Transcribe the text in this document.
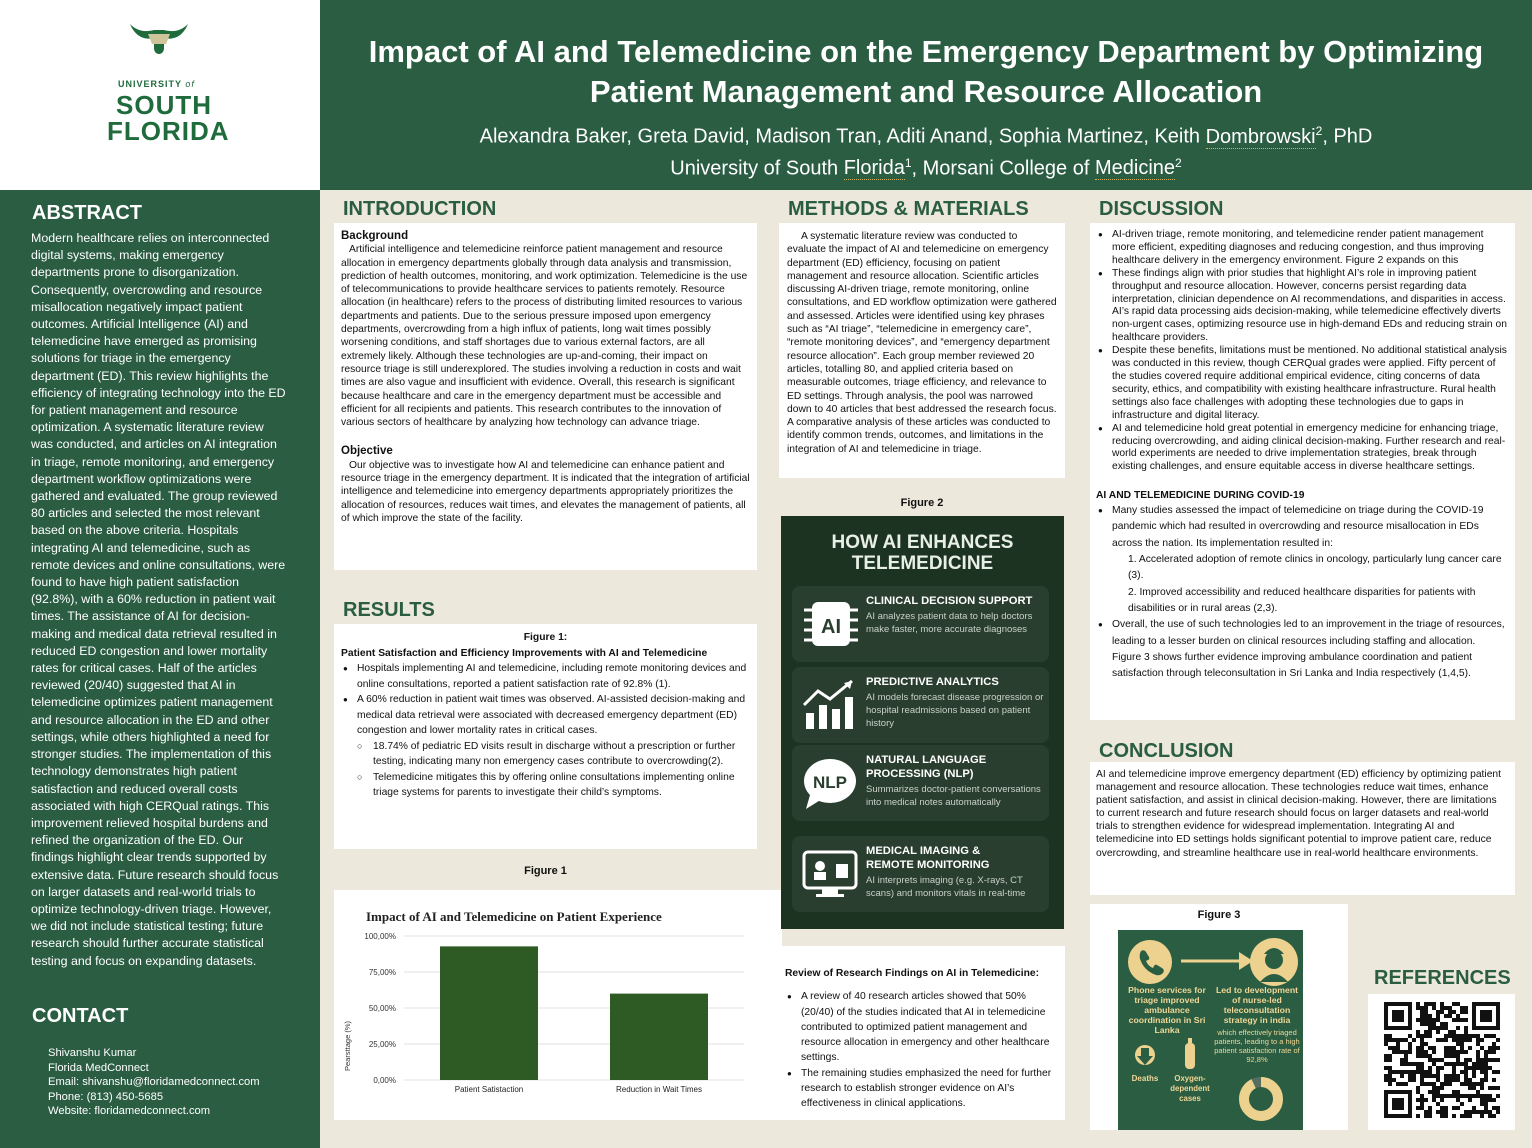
UNIVERSITY of
SOUTH
FLORIDA
Impact of AI and Telemedicine on the Emergency Department by Optimizing Patient Management and Resource Allocation
Alexandra Baker, Greta David, Madison Tran, Aditi Anand, Sophia Martinez, Keith Dombrowski$^2$, PhD
University of South Florida$^1$, Morsani College of Medicine$^2$
ABSTRACT
Modern healthcare relies on interconnected digital systems, making emergency departments prone to disorganization. Consequently, overcrowding and resource misallocation negatively impact patient outcomes. Artificial Intelligence (AI) and telemedicine have emerged as promising solutions for triage in the emergency department (ED). This review highlights the efficiency of integrating technology into the ED for patient management and resource optimization. A systematic literature review was conducted, and articles on AI integration in triage, remote monitoring, and emergency department workflow optimizations were gathered and evaluated. The group reviewed 80 articles and selected the most relevant based on the above criteria. Hospitals integrating AI and telemedicine, such as remote devices and online consultations, were found to have high patient satisfaction (92.8%), with a 60% reduction in patient wait times. The assistance of AI for decision-making and medical data retrieval resulted in reduced ED congestion and lower mortality rates for critical cases. Half of the articles reviewed (20/40) suggested that AI in telemedicine optimizes patient management and resource allocation in the ED and other settings, while others highlighted a need for stronger studies. The implementation of this technology demonstrates high patient satisfaction and reduced overall costs associated with high CERQual ratings. This improvement relieved hospital burdens and refined the organization of the ED. Our findings highlight clear trends supported by extensive data. Future research should focus on larger datasets and real-world trials to optimize technology-driven triage. However, we did not include statistical testing; future research should further accurate statistical testing and focus on expanding datasets.
CONTACT
Shivanshu Kumar
Florida MedConnect
Email: shivanshu@floridamedconnect.com
Phone: (813) 450-5685
Website: floridamedconnect.com
INTRODUCTION
Background
Artificial intelligence and telemedicine reinforce patient management and resource allocation in emergency departments globally through data analysis and transmission, prediction of health outcomes, monitoring, and work optimization. Telemedicine is the use of telecommunications to provide healthcare services to patients remotely. Resource allocation (in healthcare) refers to the process of distributing limited resources to various departments and patients. Due to the serious pressure imposed upon emergency departments, overcrowding from a high influx of patients, long wait times possibly worsening conditions, and staff shortages due to various external factors, are all extremely likely. Although these technologies are up-and-coming, their impact on resource triage is still underexplored. The studies involving a reduction in costs and wait times are also vague and insufficient with evidence. Overall, this research is significant because healthcare and care in the emergency department must be accessible and efficient for all recipients and patients. This research contributes to the innovation of various sectors of healthcare by analyzing how technology can advance triage.
Objective
Our objective was to investigate how AI and telemedicine can enhance patient and resource triage in the emergency department. It is indicated that the integration of artificial intelligence and telemedicine into emergency departments appropriately prioritizes the allocation of resources, reduces wait times, and elevates the management of patients, all of which improve the state of the facility.
RESULTS
Figure 1:
Patient Satisfaction and Efficiency Improvements with AI and Telemedicine
● Hospitals implementing AI and telemedicine, including remote monitoring devices and online consultations, reported a patient satisfaction rate of 92.8% (1).
● A 60% reduction in patient wait times was observed. AI-assisted decision-making and medical data retrieval were associated with decreased emergency department (ED) congestion and lower mortality rates in critical cases.
○ 18.74% of pediatric ED visits result in discharge without a prescription or further testing, indicating many non emergency cases contribute to overcrowding(2).
○ Telemedicine mitigates this by offering online consultations implementing online triage systems for parents to investigate their child’s symptoms.
Figure 1
Impact of AI and Telemedicine on Patient Experience
100,00%
75,00%
50,00%
25,00%
0,00%
Patient Satistaction	Reduction in Wait Times
Pearsttage (%)
METHODS & MATERIALS
A systematic literature review was conducted to evaluate the impact of AI and telemedicine on emergency department (ED) efficiency, focusing on patient management and resource allocation. Scientific articles discussing AI-driven triage, remote monitoring, online consultations, and ED workflow optimization were gathered and assessed. Articles were identified using key phrases such as “AI triage”, “telemedicine in emergency care”, “remote monitoring devices”, and “emergency department resource allocation”. Each group member reviewed 20 articles, totalling 80, and applied criteria based on measurable outcomes, triage efficiency, and relevance to ED settings. Through analysis, the pool was narrowed down to 40 articles that best addressed the research focus. A comparative analysis of these articles was conducted to identify common trends, outcomes, and limitations in the integration of AI and telemedicine in triage.
Figure 2
HOW AI ENHANCES
TELEMEDICINE
AI
CLINICAL DECISION SUPPORT
AI analyzes patient data to help doctors make faster, more accurate diagnoses
PREDICTIVE ANALYTICS
AI models forecast disease progression or hospital readmissions based on patient history
NLP
NATURAL LANGUAGE
PROCESSING (NLP)
Summarizes doctor-patient conversations into medical notes automatically
MEDICAL IMAGING &
REMOTE MONITORING
AI interprets imaging (e.g. X-rays, CT scans) and monitors vitals in real-time
Review of Research Findings on AI in Telemedicine:
● A review of 40 research articles showed that 50% (20/40) of the studies indicated that AI in telemedicine contributed to optimized patient management and resource allocation in emergency and other healthcare settings.
● The remaining studies emphasized the need for further research to establish stronger evidence on AI’s effectiveness in clinical applications.
DISCUSSION
● AI-driven triage, remote monitoring, and telemedicine render patient management more efficient, expediting diagnoses and reducing congestion, and thus improving healthcare delivery in the emergency environment. Figure 2 expands on this
● These findings align with prior studies that highlight AI’s role in improving patient throughput and resource allocation. However, concerns persist regarding data interpretation, clinician dependence on AI recommendations, and disparities in access. AI’s rapid data processing aids decision-making, while telemedicine effectively diverts non-urgent cases, optimizing resource use in high-demand EDs and reducing strain on healthcare providers.
● Despite these benefits, limitations must be mentioned. No additional statistical analysis was conducted in this review, though CERQual grades were applied. Fifty percent of the studies covered require additional empirical evidence, citing concerns of data security, ethics, and compatibility with existing healthcare infrastructure. Rural health settings also face challenges with adopting these technologies due to gaps in infrastructure and digital literacy.
● AI and telemedicine hold great potential in emergency medicine for enhancing triage, reducing overcrowding, and aiding clinical decision-making. Further research and real-world experiments are needed to drive implementation strategies, break through existing challenges, and ensure equitable access in diverse healthcare settings.
AI AND TELEMEDICINE DURING COVID-19
● Many studies assessed the impact of telemedicine on triage during the COVID-19 pandemic which had resulted in overcrowding and resource misallocation in EDs across the nation. Its implementation resulted in:
1. Accelerated adoption of remote clinics in oncology, particularly lung cancer care (3).
2. Improved accessibility and reduced healthcare disparities for patients with disabilities or in rural areas (2,3).
● Overall, the use of such technologies led to an improvement in the triage of resources, leading to a lesser burden on clinical resources including staffing and allocation. Figure 3 shows further evidence improving ambulance coordination and patient satisfaction through teleconsultation in Sri Lanka and India respectively (1,4,5).
CONCLUSION
AI and telemedicine improve emergency department (ED) efficiency by optimizing patient management and resource allocation. These technologies reduce wait times, enhance patient satisfaction, and assist in clinical decision-making. However, there are limitations to current research and future research should focus on larger datasets and real-world trials to strengthen evidence for widespread implementation. Integrating AI and telemedicine into ED settings holds significant potential to improve patient care, reduce overcrowding, and streamline healthcare use in real-world healthcare environments.
Figure 3
Phone services for triage improved ambulance coordination in Sri Lanka
Led to development of nurse-led teleconsultation strategy in india
which effectively triaged patients, leading to a high patient satisfaction rate of 92,8%
Deaths	Oxygen-dependent cases
REFERENCES
